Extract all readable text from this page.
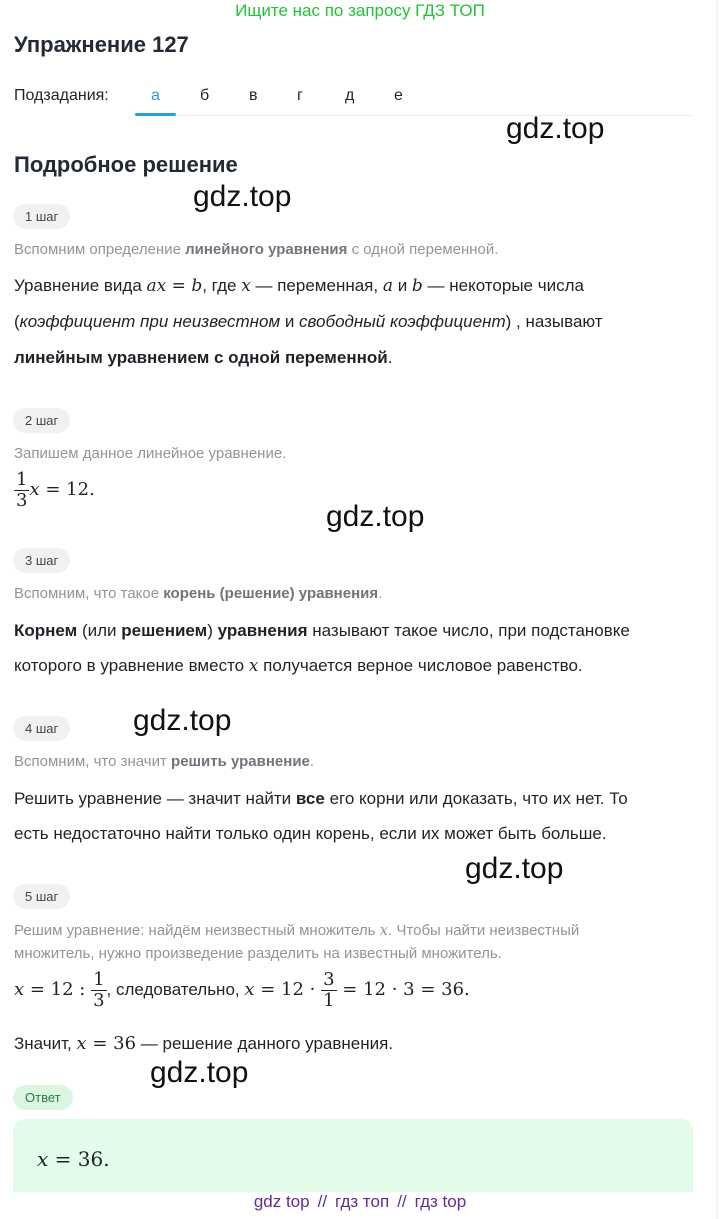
Ищите нас по запросу ГДЗ ТОП
Упражнение 127
Подзадания:	а	б в г	д е
gdz.top
Подробное решение
gdz.top
1 шаг
Вспомним определение линейного уравнения с одной переменной.
Уравнение вида ax = b, где x — переменная, a и b — некоторые числа
(коэффициент при неизвестном и свободный коэффициент) , называют
линейным уравнением с одной переменной.
2 шаг
Запишем данное линейное уравнение.
$\frac{1}{3}$ x = 12.
gdz.top
3 шаг
Вспомним, что такое корень (решение) уравнения.
Корнем (или решением) уравнения называют такое число, при подстановке
которого в уравнение вместо x получается верное числовое равенство.
gdz.top
4 шаг
Вспомним, что значит решить уравнение.
Решить уравнение — значит найти все его корни или доказать, что их нет. То
есть недостаточно найти только один корень, если их может быть больше.
gdz.top
5 шаг
Решим уравнение: найдём неизвестный множитель x. Чтобы найти неизвестный
множитель, нужно произведение разделить на известный множитель.
x = 12 : $\frac{1}{3}$ , следовательно, $x = 12 \cdot \frac{3}{1} = 12 \cdot 3 = 36$.
Значит, x = 36 — решение данного уравнения.
gdz.top
Ответ
x = 36.
gdz top // гдз топ // гдз top
